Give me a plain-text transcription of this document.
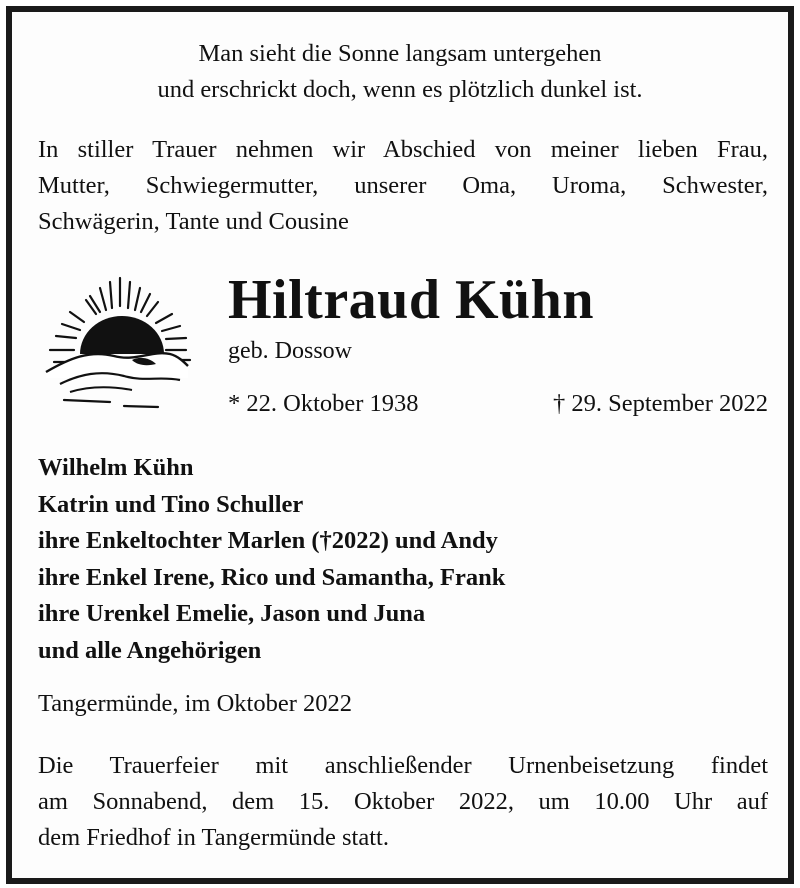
Man sieht die Sonne langsam untergehen
und erschrickt doch, wenn es plötzlich dunkel ist.
In stiller Trauer nehmen wir Abschied von meiner lieben Frau,
Mutter, Schwiegermutter, unserer Oma, Uroma, Schwester,
Schwägerin, Tante und Cousine
Hiltraud Kühn
geb. Dossow
* 22. Oktober 1938	† 29. September 2022
Wilhelm Kühn
Katrin und Tino Schuller
ihre Enkeltochter Marlen (†2022) und Andy
ihre Enkel Irene, Rico und Samantha, Frank
ihre Urenkel Emelie, Jason und Juna
und alle Angehörigen
Tangermünde, im Oktober 2022
Die Trauerfeier mit anschließender Urnenbeisetzung findet
am Sonnabend, dem 15. Oktober 2022, um 10.00 Uhr auf
dem Friedhof in Tangermünde statt.
